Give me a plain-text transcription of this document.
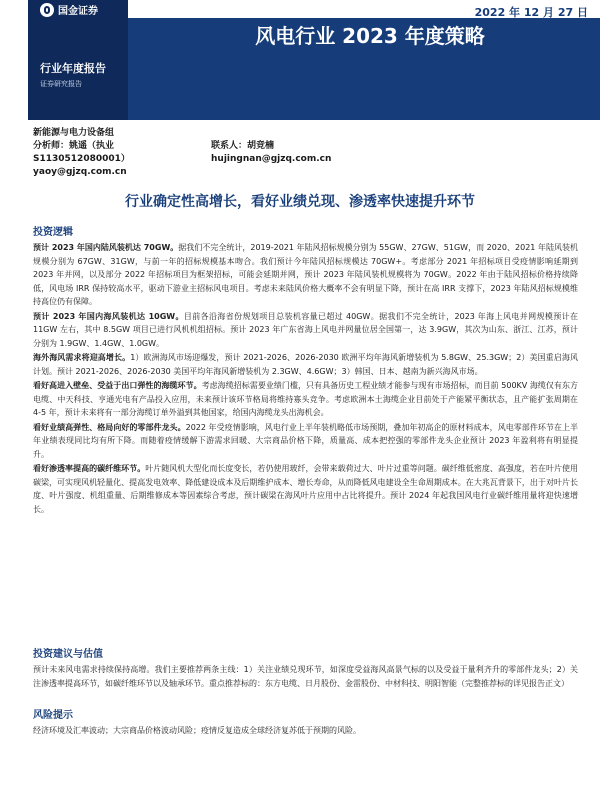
国金证券	2022 年 12 月 27 日
风电行业 2023 年度策略
行业年度报告
证券研究报告
新能源与电力设备组
分析师：姚遥（执业
S1130512080001）
yaoy@gjzq.com.cn
联系人：胡竞楠
hujingnan@gjzq.com.cn
行业确定性高增长，看好业绩兑现、渗透率快速提升环节
投资逻辑

预计 2023 年国内陆风装机达 70GW。据我们不完全统计，2019-2021 年陆风招标规模分别为 55GW、27GW、51GW，而 2020、2021 年陆风装机规模分别为 67GW、31GW，与前一年的招标规模基本吻合。我们预计今年陆风招标规模达 70GW+。考虑部分 2021 年招标项目受疫情影响延期到 2023 年并网，以及部分 2022 年招标项目为框架招标，可能会延期并网，预计 2023 年陆风装机规模将为 70GW。2022 年由于陆风招标价格持续降低，风电场 IRR 保持较高水平，驱动下游业主招标风电项目。考虑未来陆风价格大概率不会有明显下降，预计在高 IRR 支撑下，2023 年陆风招标规模维持高位仍有保障。

预计 2023 年国内海风装机达 10GW。目前各沿海省份规划项目总装机容量已超过 40GW。据我们不完全统计，2023 年海上风电并网规模预计在 11GW 左右，其中 8.5GW 项目已进行风机机组招标。预计 2023 年广东省海上风电并网量位居全国第一，达 3.9GW，其次为山东、浙江、江苏，预计分别为 1.9GW、1.4GW、1.0GW。

海外海风需求将迎高增长。1）欧洲海风市场迎爆发，预计 2021-2026、2026-2030 欧洲平均年海风新增装机为 5.8GW、25.3GW；2）美国重启海风计划。预计 2021-2026、2026-2030 美国平均年海风新增装机为 2.3GW、4.6GW；3）韩国、日本、越南为新兴海风市场。

看好高进入壁垒、受益于出口弹性的海缆环节。考虑海缆招标需要业绩门槛，只有具备历史工程业绩才能参与现有市场招标，而目前 500KV 海缆仅有东方电缆、中天科技、亨通光电有产品投入应用，未来预计该环节格局将维持寡头竞争。考虑欧洲本土海缆企业目前处于产能紧平衡状态，且产能扩张周期在 4-5 年，预计未来将有一部分海缆订单外溢到其他国家，给国内海缆龙头出海机会。

看好业绩高弹性、格局向好的零部件龙头。2022 年受疫情影响，风电行业上半年装机略低市场预期，叠加年初高企的原材料成本，风电零部件环节在上半年业绩表现同比均有所下降。而随着疫情缓解下游需求回暖、大宗商品价格下降，质量高、成本把控强的零部件龙头企业预计 2023 年盈利将有明显提升。

看好渗透率提高的碳纤维环节。叶片随风机大型化而长度变长，若仍使用玻纤，会带来载荷过大、叶片过重等问题。碳纤维低密度、高强度，若在叶片使用碳梁，可实现风机轻量化、提高发电效率、降低建设成本及后期维护成本、增长寿命，从而降低风电建设全生命周期成本。在大兆瓦背景下，出于对叶片长度、叶片强度、机组重量、后期维修成本等因素综合考虑，预计碳梁在海风叶片应用中占比将提升。预计 2024 年起我国风电行业碳纤维用量将迎快速增长。

投资建议与估值

预计未来风电需求持续保持高增。我们主要推荐两条主线：1）关注业绩兑现环节，如深度受益海风高景气标的以及受益于量利齐升的零部件龙头；2）关注渗透率提高环节，如碳纤维环节以及轴承环节。重点推荐标的：东方电缆、日月股份、金雷股份、中材科技、明阳智能（完整推荐标的详见报告正文）

风险提示

经济环境及汇率波动；大宗商品价格波动风险；疫情反复造成全球经济复苏低于预期的风险。
